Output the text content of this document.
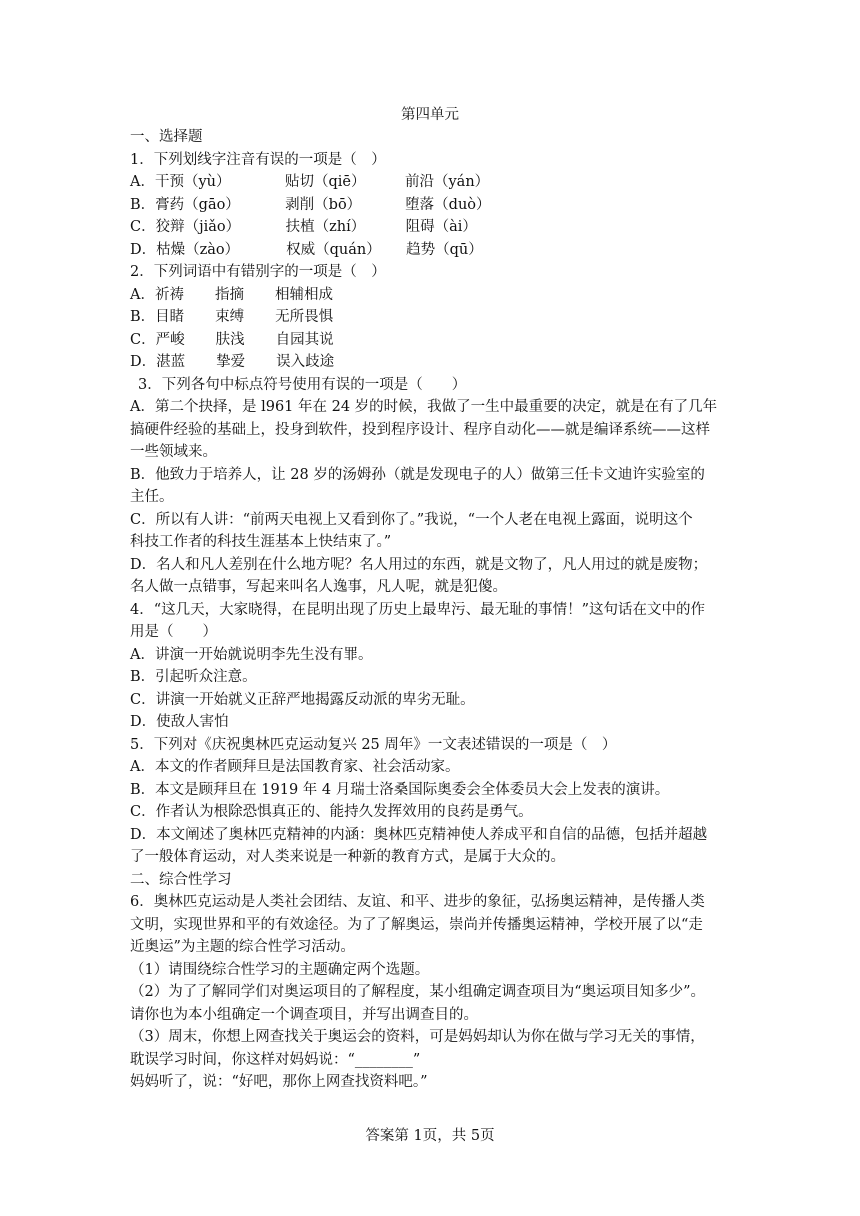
第四单元
一、选择题
1．下列划线字注音有误的一项是（　）
A．干预（yù）	贴切（qiē）	前沿（yán）
B．膏药（gāo）	剥削（bō）	堕落（duò）
C．狡辩（jiǎo）	扶植（zhí）	阻碍（ài）
D．枯燥（zào）	权威（quán） 趋势（qū）
2．下列词语中有错别字的一项是（　）
A．祈祷 指摘 相辅相成
B．目睹 束缚 无所畏惧
C．严峻 肤浅 自园其说
D．湛蓝 挚爱 误入歧途
3．下列各句中标点符号使用有误的一项是（　　）
A．第二个抉择，是 l961 年在 24 岁的时候，我做了一生中最重要的决定，就是在有了几年
搞硬件经验的基础上，投身到软件，投到程序设计、程序自动化——就是编译系统——这样
一些领域来。
B．他致力于培养人，让 28 岁的汤姆孙（就是发现电子的人）做第三任卡文迪许实验室的
主任。
C．所以有人讲：“前两天电视上又看到你了。”我说，“一个人老在电视上露面，说明这个
科技工作者的科技生涯基本上快结束了。”
D．名人和凡人差别在什么地方呢？名人用过的东西，就是文物了，凡人用过的就是废物；
名人做一点错事，写起来叫名人逸事，凡人呢，就是犯傻。
4．“这几天，大家晓得，在昆明出现了历史上最卑污、最无耻的事情！”这句话在文中的作
用是（　　）
A．讲演一开始就说明李先生没有罪。
B．引起听众注意。
C．讲演一开始就义正辞严地揭露反动派的卑劣无耻。
D．使敌人害怕
5．下列对《庆祝奥林匹克运动复兴 25 周年》一文表述错误的一项是（　）
A．本文的作者顾拜旦是法国教育家、社会活动家。
B．本文是顾拜旦在 1919 年 4 月瑞士洛桑国际奥委会全体委员大会上发表的演讲。
C．作者认为根除恐惧真正的、能持久发挥效用的良药是勇气。
D．本文阐述了奥林匹克精神的内涵：奥林匹克精神使人养成平和自信的品德，包括并超越
了一般体育运动，对人类来说是一种新的教育方式，是属于大众的。
二、综合性学习
6．奥林匹克运动是人类社会团结、友谊、和平、进步的象征，弘扬奥运精神，是传播人类
文明，实现世界和平的有效途径。为了了解奥运，崇尚并传播奥运精神，学校开展了以“走
近奥运”为主题的综合性学习活动。
（1）请围绕综合性学习的主题确定两个选题。
（2）为了了解同学们对奥运项目的了解程度，某小组确定调查项目为“奥运项目知多少”。
请你也为本小组确定一个调查项目，并写出调查目的。
（3）周末，你想上网查找关于奥运会的资料，可是妈妈却认为你在做与学习无关的事情，
耽误学习时间，你这样对妈妈说：“________”
妈妈听了，说：“好吧，那你上网查找资料吧。”
答案第 1页，共 5页
